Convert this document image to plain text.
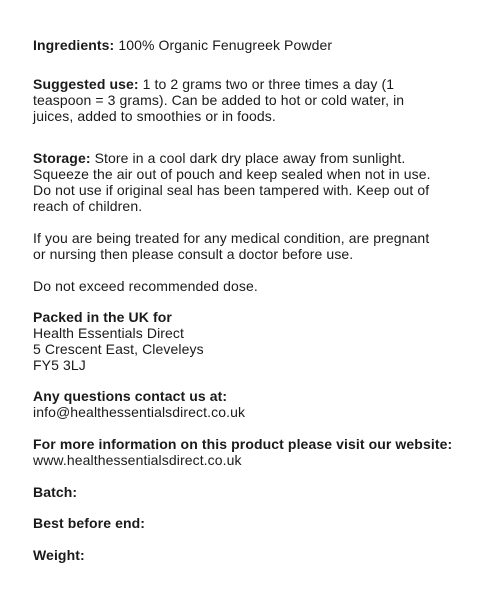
Ingredients: 100% Organic Fenugreek Powder
Suggested use: 1 to 2 grams two or three times a day (1
teaspoon = 3 grams). Can be added to hot or cold water, in
juices, added to smoothies or in foods.
Storage: Store in a cool dark dry place away from sunlight.
Squeeze the air out of pouch and keep sealed when not in use.
Do not use if original seal has been tampered with. Keep out of
reach of children.
If you are being treated for any medical condition, are pregnant
or nursing then please consult a doctor before use.
Do not exceed recommended dose.
Packed in the UK for
Health Essentials Direct
5 Crescent East, Cleveleys
FY5 3LJ
Any questions contact us at:
info@healthessentialsdirect.co.uk
For more information on this product please visit our website:
www.healthessentialsdirect.co.uk
Batch:
Best before end:
Weight:
